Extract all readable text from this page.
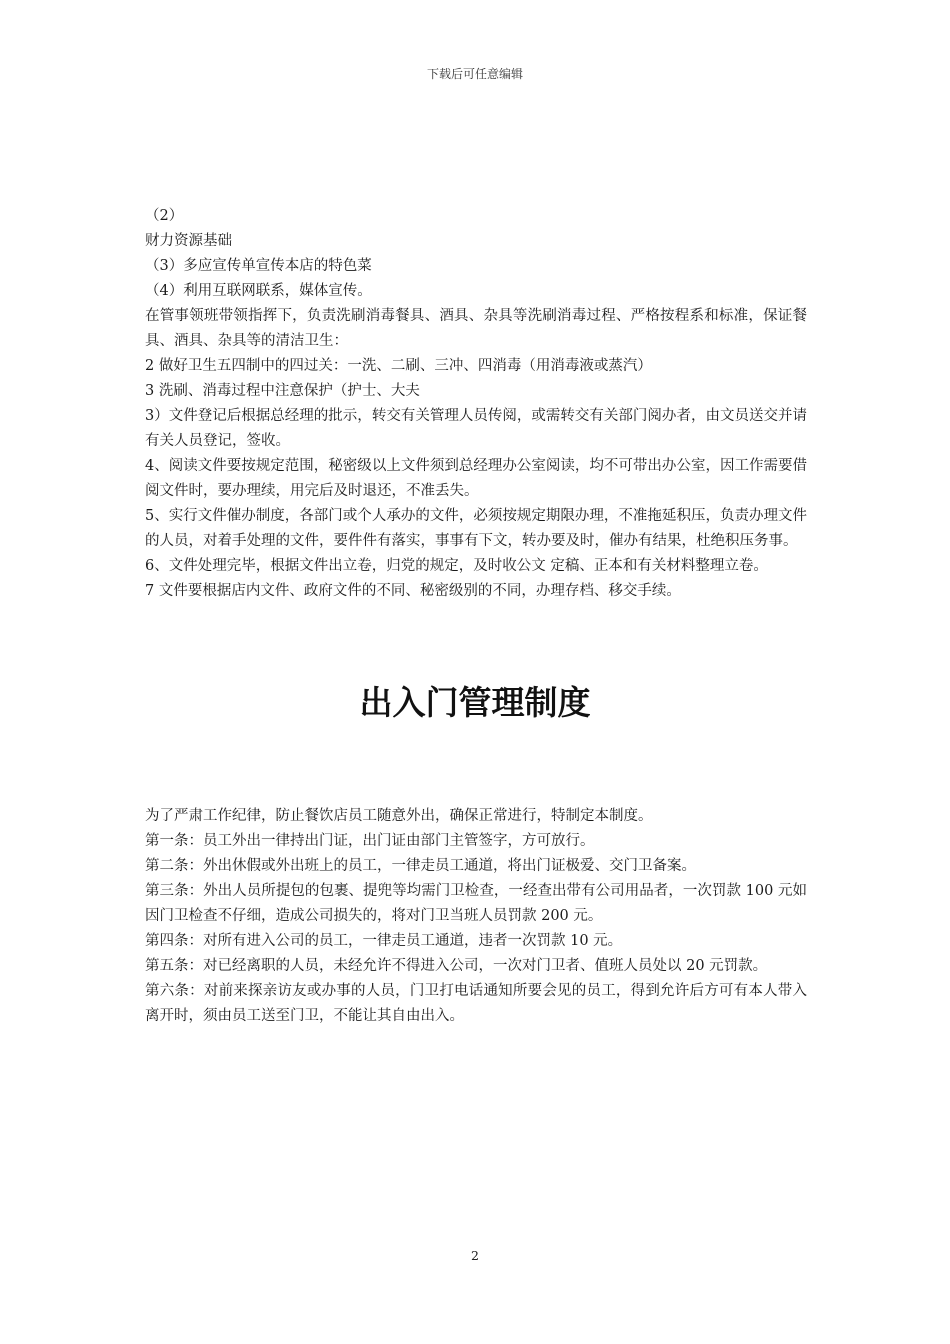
下载后可任意编辑

（2）

财力资源基础

（3）多应宣传单宣传本店的特色菜

（4）利用互联网联系，媒体宣传。

在管事领班带领指挥下，负责洗刷消毒餐具、酒具、杂具等洗刷消毒过程、严格按程系和标准，保证餐具、酒具、杂具等的清洁卫生：

2 做好卫生五四制中的四过关：一洗、二刷、三冲、四消毒（用消毒液或蒸汽）

3 洗刷、消毒过程中注意保护（护士、大夫

3）文件登记后根据总经理的批示，转交有关管理人员传阅，或需转交有关部门阅办者，由文员送交并请有关人员登记，签收。

4、阅读文件要按规定范围，秘密级以上文件须到总经理办公室阅读，均不可带出办公室，因工作需要借阅文件时，要办理续，用完后及时退还，不准丢失。

5、实行文件催办制度，各部门或个人承办的文件，必须按规定期限办理，不准拖延积压，负责办理文件的人员，对着手处理的文件，要件件有落实，事事有下文，转办要及时，催办有结果，杜绝积压务事。

6、文件处理完毕，根据文件出立卷，归党的规定，及时收公文 定稿、正本和有关材料整理立卷。

7 文件要根据店内文件、政府文件的不同、秘密级别的不同，办理存档、移交手续。

出入门管理制度

为了严肃工作纪律，防止餐饮店员工随意外出，确保正常进行，特制定本制度。

第一条：员工外出一律持出门证，出门证由部门主管签字，方可放行。

第二条：外出休假或外出班上的员工，一律走员工通道，将出门证极爱、交门卫备案。

第三条：外出人员所提包的包裹、提兜等均需门卫检查，一经查出带有公司用品者，一次罚款 100 元如因门卫检查不仔细，造成公司损失的，将对门卫当班人员罚款 200 元。

第四条：对所有进入公司的员工，一律走员工通道，违者一次罚款 10 元。

第五条：对已经离职的人员，未经允许不得进入公司，一次对门卫者、值班人员处以 20 元罚款。

第六条：对前来探亲访友或办事的人员，门卫打电话通知所要会见的员工，得到允许后方可有本人带入离开时，须由员工送至门卫，不能让其自由出入。

2
